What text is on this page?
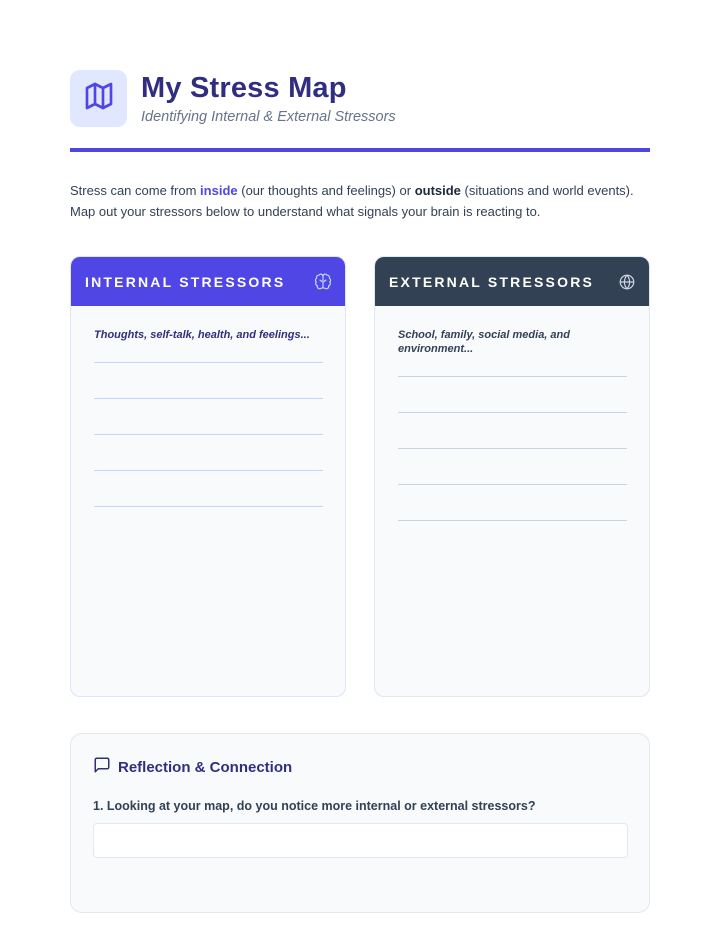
My Stress Map
Identifying Internal & External Stressors

Stress can come from inside (our thoughts and feelings) or outside (situations and world events). Map out your stressors below to understand what signals your brain is reacting to.

INTERNAL STRESSORS
Thoughts, self-talk, health, and feelings...
EXTERNAL STRESSORS
School, family, social media, and environment...
Reflection & Connection
1. Looking at your map, do you notice more internal or external stressors?
